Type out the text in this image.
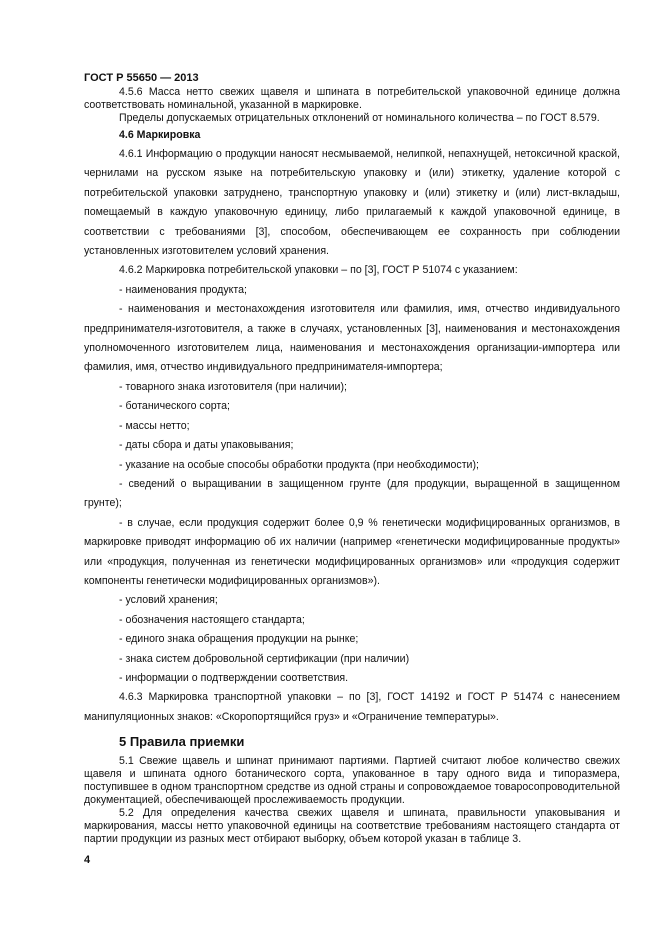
ГОСТ Р 55650 — 2013

4.5.6 Масса нетто свежих щавеля и шпината в потребительской упаковочной единице должна соответствовать номинальной, указанной в маркировке.

Пределы допускаемых отрицательных отклонений от номинального количества – по ГОСТ 8.579.

4.6 Маркировка

4.6.1 Информацию о продукции наносят несмываемой, нелипкой, непахнущей, нетоксичной краской, чернилами на русском языке на потребительскую упаковку и (или) этикетку, удаление которой с потребительской упаковки затруднено, транспортную упаковку и (или) этикетку и (или) лист-вкладыш, помещаемый в каждую упаковочную единицу, либо прилагаемый к каждой упаковочной единице, в соответствии с требованиями [3], способом, обеспечивающем ее сохранность при соблюдении установленных изготовителем условий хранения.

4.6.2 Маркировка потребительской упаковки – по [3], ГОСТ Р 51074 с указанием:

- наименования продукта;

- наименования и местонахождения изготовителя или фамилия, имя, отчество индивидуального предпринимателя-изготовителя, а также в случаях, установленных [3], наименования и местонахождения уполномоченного изготовителем лица, наименования и местонахождения организации-импортера или фамилия, имя, отчество индивидуального предпринимателя-импортера;

- товарного знака изготовителя (при наличии);

- ботанического сорта;

- массы нетто;

- даты сбора и даты упаковывания;

- указание на особые способы обработки продукта (при необходимости);

- сведений о выращивании в защищенном грунте (для продукции, выращенной в защищенном грунте);

- в случае, если продукция содержит более 0,9 % генетически модифицированных организмов, в маркировке приводят информацию об их наличии (например «генетически модифицированные продукты» или «продукция, полученная из генетически модифицированных организмов» или «продукция содержит компоненты генетически модифицированных организмов»).

- условий хранения;

- обозначения настоящего стандарта;

- единого знака обращения продукции на рынке;

- знака систем добровольной сертификации (при наличии)

- информации о подтверждении соответствия.

4.6.3 Маркировка транспортной упаковки – по [3], ГОСТ 14192 и ГОСТ Р 51474 с нанесением манипуляционных знаков: «Скоропортящийся груз» и «Ограничение температуры».

5 Правила приемки

5.1 Свежие щавель и шпинат принимают партиями. Партией считают любое количество свежих щавеля и шпината одного ботанического сорта, упакованное в тару одного вида и типоразмера, поступившее в одном транспортном средстве из одной страны и сопровождаемое товаросопроводительной документацией, обеспечивающей прослеживаемость продукции.

5.2 Для определения качества свежих щавеля и шпината, правильности упаковывания и маркирования, массы нетто упаковочной единицы на соответствие требованиям настоящего стандарта от партии продукции из разных мест отбирают выборку, объем которой указан в таблице 3.

4
